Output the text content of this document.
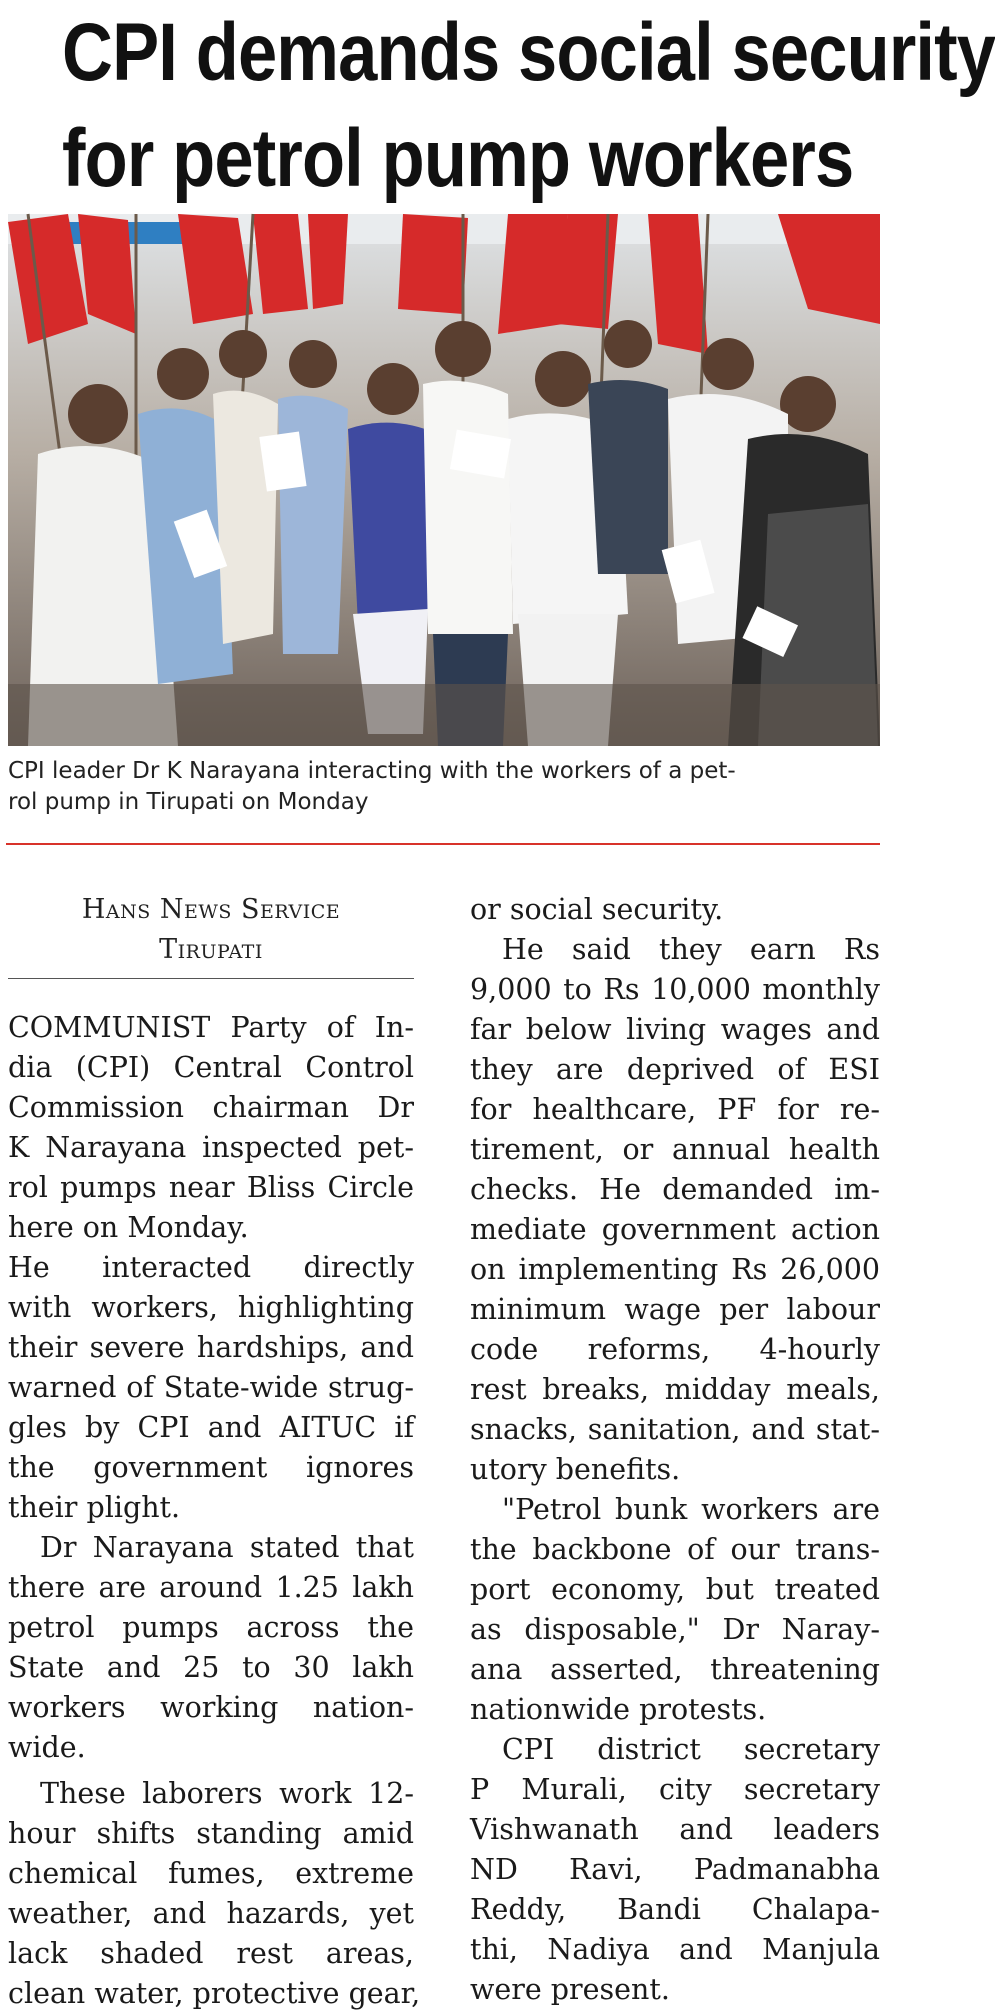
CPI demands social security
for petrol pump workers
CPI leader Dr K Narayana interacting with the workers of a pet-
rol pump in Tirupati on Monday
Hans News Service
Tirupati
COMMUNIST Party of In-
dia (CPI) Central Control
Commission chairman Dr
K Narayana inspected pet-
rol pumps near Bliss Circle
here on Monday.
He interacted directly
with workers, highlighting
their severe hardships, and
warned of State-wide strug-
gles by CPI and AITUC if
the government ignores
their plight.
Dr Narayana stated that
there are around 1.25 lakh
petrol pumps across the
State and 25 to 30 lakh
workers working nation-
wide.
These laborers work 12-
hour shifts standing amid
chemical fumes, extreme
weather, and hazards, yet
lack shaded rest areas,
clean water, protective gear,
or social security.
He said they earn Rs
9,000 to Rs 10,000 monthly
far below living wages and
they are deprived of ESI
for healthcare, PF for re-
tirement, or annual health
checks. He demanded im-
mediate government action
on implementing Rs 26,000
minimum wage per labour
code reforms, 4-hourly
rest breaks, midday meals,
snacks, sanitation, and stat-
utory benefits.
"Petrol bunk workers are
the backbone of our trans-
port economy, but treated
as disposable," Dr Naray-
ana asserted, threatening
nationwide protests.
CPI district secretary
P Murali, city secretary
Vishwanath and leaders
ND Ravi, Padmanabha
Reddy, Bandi Chalapa-
thi, Nadiya and Manjula
were present.
